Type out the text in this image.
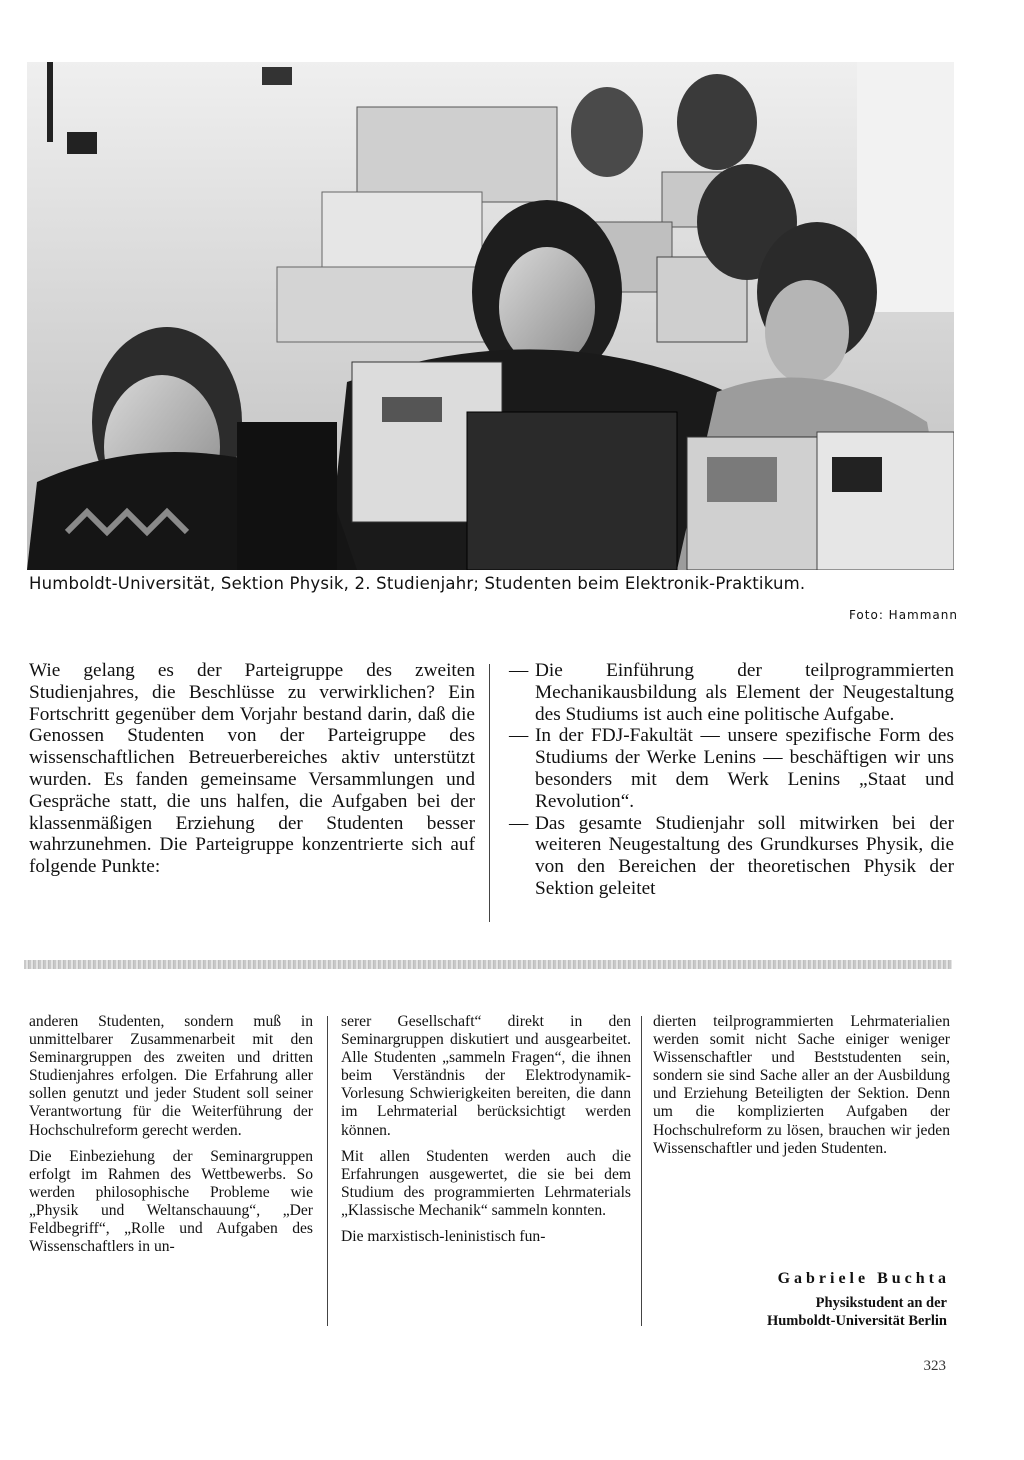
Humboldt-Universität, Sektion Physik, 2. Studienjahr; Studenten beim Elektronik-Praktikum.
Foto: Hammann
Wie gelang es der Parteigruppe des zweiten Studienjahres, die Beschlüsse zu verwirklichen? Ein Fortschritt gegenüber dem Vorjahr bestand darin, daß die Genossen Studenten von der Parteigruppe des wissenschaftlichen Betreuerbereiches aktiv unterstützt wurden. Es fanden gemeinsame Versammlungen und Gespräche statt, die uns halfen, die Aufgaben bei der klassenmäßigen Erziehung der Studenten besser wahrzunehmen. Die Parteigruppe konzentrierte sich auf folgende Punkte:
— Die Einführung der teilprogrammierten Mechanikausbildung als Element der Neugestaltung des Studiums ist auch eine politische Aufgabe.
— In der FDJ-Fakultät — unsere spezifische Form des Studiums der Werke Lenins — beschäftigen wir uns besonders mit dem Werk Lenins „Staat und Revolution“.
— Das gesamte Studienjahr soll mitwirken bei der weiteren Neugestaltung des Grundkurses Physik, die von den Bereichen der theoretischen Physik der Sektion geleitet
anderen Studenten, sondern muß in unmittelbarer Zusammenarbeit mit den Seminargruppen des zweiten und dritten Studienjahres erfolgen. Die Erfahrung aller sollen genutzt und jeder Student soll seiner Verantwortung für die Weiterführung der Hochschulreform gerecht werden.
Die Einbeziehung der Seminargruppen erfolgt im Rahmen des Wettbewerbs. So werden philosophische Probleme wie „Physik und Weltanschauung“, „Der Feldbegriff“, „Rolle und Aufgaben des Wissenschaftlers in un-
serer Gesellschaft“ direkt in den Seminargruppen diskutiert und ausgearbeitet. Alle Studenten „sammeln Fragen“, die ihnen beim Verständnis der Elektrodynamik-Vorlesung Schwierigkeiten bereiten, die dann im Lehrmaterial berücksichtigt werden können.
Mit allen Studenten werden auch die Erfahrungen ausgewertet, die sie bei dem Studium des programmierten Lehrmaterials „Klassische Mechanik“ sammeln konnten.
Die marxistisch-leninistisch fun-
dierten teilprogrammierten Lehrmaterialien werden somit nicht Sache einiger weniger Wissenschaftler und Beststudenten sein, sondern sie sind Sache aller an der Ausbildung und Erziehung Beteiligten der Sektion. Denn um die komplizierten Aufgaben der Hochschulreform zu lösen, brauchen wir jeden Wissenschaftler und jeden Studenten.
Gabriele Buchta
Physikstudent an der
Humboldt-Universität Berlin
323
